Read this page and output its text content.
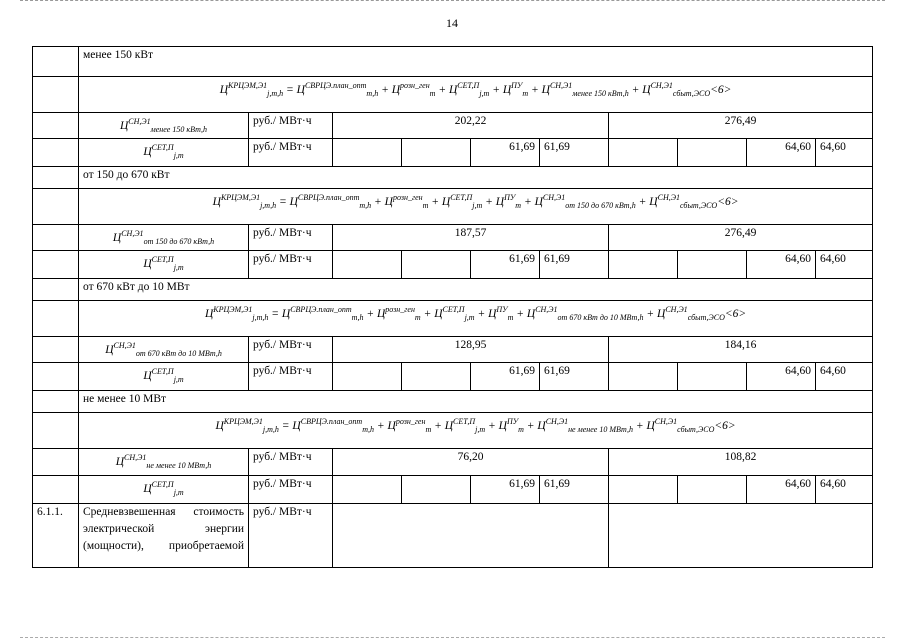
14
	менее 150 кВт									
	$Ц^{КРЦЭМ,Э1}_{j,m,h} = Ц^{СВРЦЭ.план\_опт}_{m,h} + Ц^{розн\_ген}_m + Ц^{СЕТ,П}_{j,m} + Ц^{ПУ}_m + Ц^{СН,Э1}_{менее 150 кВт,h} + Ц^{СН,Э1}_{сбыт,ЭСО}<6>$									
	$Ц^{СН,Э1}_{менее 150 кВт,h}$	руб./ МВт·ч	202,22				276,49			
	$Ц^{СЕТ,П}_{j,m}$	руб./ МВт·ч			61,69	61,69			64,60	64,60
	от 150 до 670 кВт									
	$Ц^{КРЦЭМ,Э1}_{j,m,h} = Ц^{СВРЦЭ.план\_опт}_{m,h} + Ц^{розн\_ген}_m + Ц^{СЕТ,П}_{j,m} + Ц^{ПУ}_m + Ц^{СН,Э1}_{от 150 до 670 кВт,h} + Ц^{СН,Э1}_{сбыт,ЭСО}<6>$									
	$Ц^{СН,Э1}_{от 150 до 670 кВт,h}$	руб./ МВт·ч	187,57				276,49			
	$Ц^{СЕТ,П}_{j,m}$	руб./ МВт·ч			61,69	61,69			64,60	64,60
	от 670 кВт до 10 МВт									
	$Ц^{КРЦЭМ,Э1}_{j,m,h} = Ц^{СВРЦЭ.план\_опт}_{m,h} + Ц^{розн\_ген}_m + Ц^{СЕТ,П}_{j,m} + Ц^{ПУ}_m + Ц^{СН,Э1}_{от 670 кВт до 10 МВт,h} + Ц^{СН,Э1}_{сбыт,ЭСО}<6>$									
	$Ц^{СН,Э1}_{от 670 кВт до 10 МВт,h}$	руб./ МВт·ч	128,95				184,16			
	$Ц^{СЕТ,П}_{j,m}$	руб./ МВт·ч			61,69	61,69			64,60	64,60
	не менее 10 МВт									
	$Ц^{КРЦЭМ,Э1}_{j,m,h} = Ц^{СВРЦЭ.план\_опт}_{m,h} + Ц^{розн\_ген}_m + Ц^{СЕТ,П}_{j,m} + Ц^{ПУ}_m + Ц^{СН,Э1}_{не менее 10 МВт,h} + Ц^{СН,Э1}_{сбыт,ЭСО}<6>$									
	$Ц^{СН,Э1}_{не менее 10 МВт,h}$	руб./ МВт·ч	76,20				108,82			
	$Ц^{СЕТ,П}_{j,m}$	руб./ МВт·ч			61,69	61,69			64,60	64,60
6.1.1.	Средневзвешенная стоимость
электрической энергии
(мощности), приобретаемой	руб./ МВт·ч								
